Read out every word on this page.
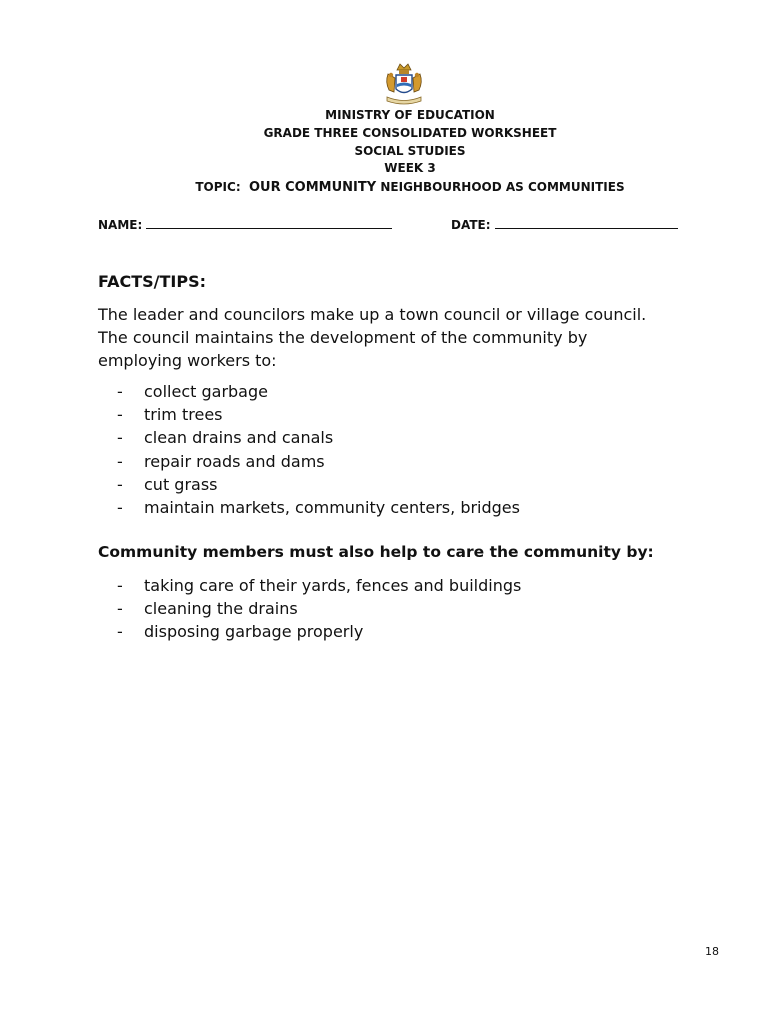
MINISTRY OF EDUCATION
GRADE THREE CONSOLIDATED WORKSHEET
SOCIAL STUDIES
WEEK 3
TOPIC: OUR COMMUNITY NEIGHBOURHOOD AS COMMUNITIES
NAME:	DATE:
FACTS/TIPS:
The leader and councilors make up a town council or village council.
The council maintains the development of the community by
employing workers to:
- collect garbage
- trim trees
- clean drains and canals
- repair roads and dams
- cut grass
- maintain markets, community centers, bridges
Community members must also help to care the community by:
- taking care of their yards, fences and buildings
- cleaning the drains
- disposing garbage properly
18
